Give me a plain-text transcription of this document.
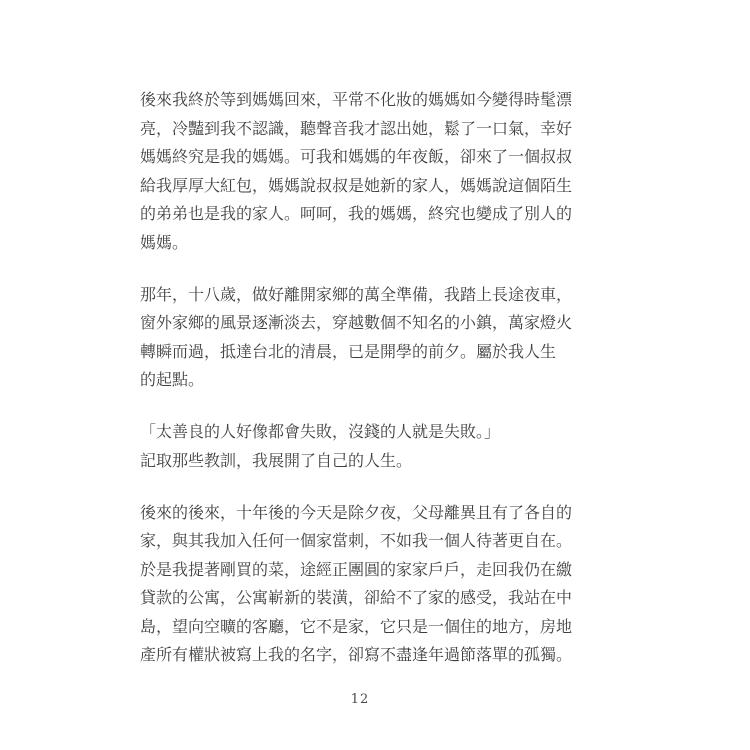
後來我終於等到媽媽回來，平常不化妝的媽媽如今變得時髦漂
亮，冷豔到我不認識，聽聲音我才認出她，鬆了一口氣，幸好
媽媽終究是我的媽媽。可我和媽媽的年夜飯，卻來了一個叔叔
給我厚厚大紅包，媽媽說叔叔是她新的家人，媽媽說這個陌生
的弟弟也是我的家人。呵呵，我的媽媽，終究也變成了別人的
媽媽。
那年，十八歲，做好離開家鄉的萬全準備，我踏上長途夜車，
窗外家鄉的風景逐漸淡去，穿越數個不知名的小鎮，萬家燈火
轉瞬而過，抵達台北的清晨，已是開學的前夕。屬於我人生
的起點。
「太善良的人好像都會失敗，沒錢的人就是失敗。」
記取那些教訓，我展開了自己的人生。
後來的後來，十年後的今天是除夕夜，父母離異且有了各自的
家，與其我加入任何一個家當刺，不如我一個人待著更自在。
於是我提著剛買的菜，途經正團圓的家家戶戶，走回我仍在繳
貸款的公寓，公寓嶄新的裝潢，卻給不了家的感受，我站在中
島，望向空曠的客廳，它不是家，它只是一個住的地方，房地
產所有權狀被寫上我的名字，卻寫不盡逢年過節落單的孤獨。
12
